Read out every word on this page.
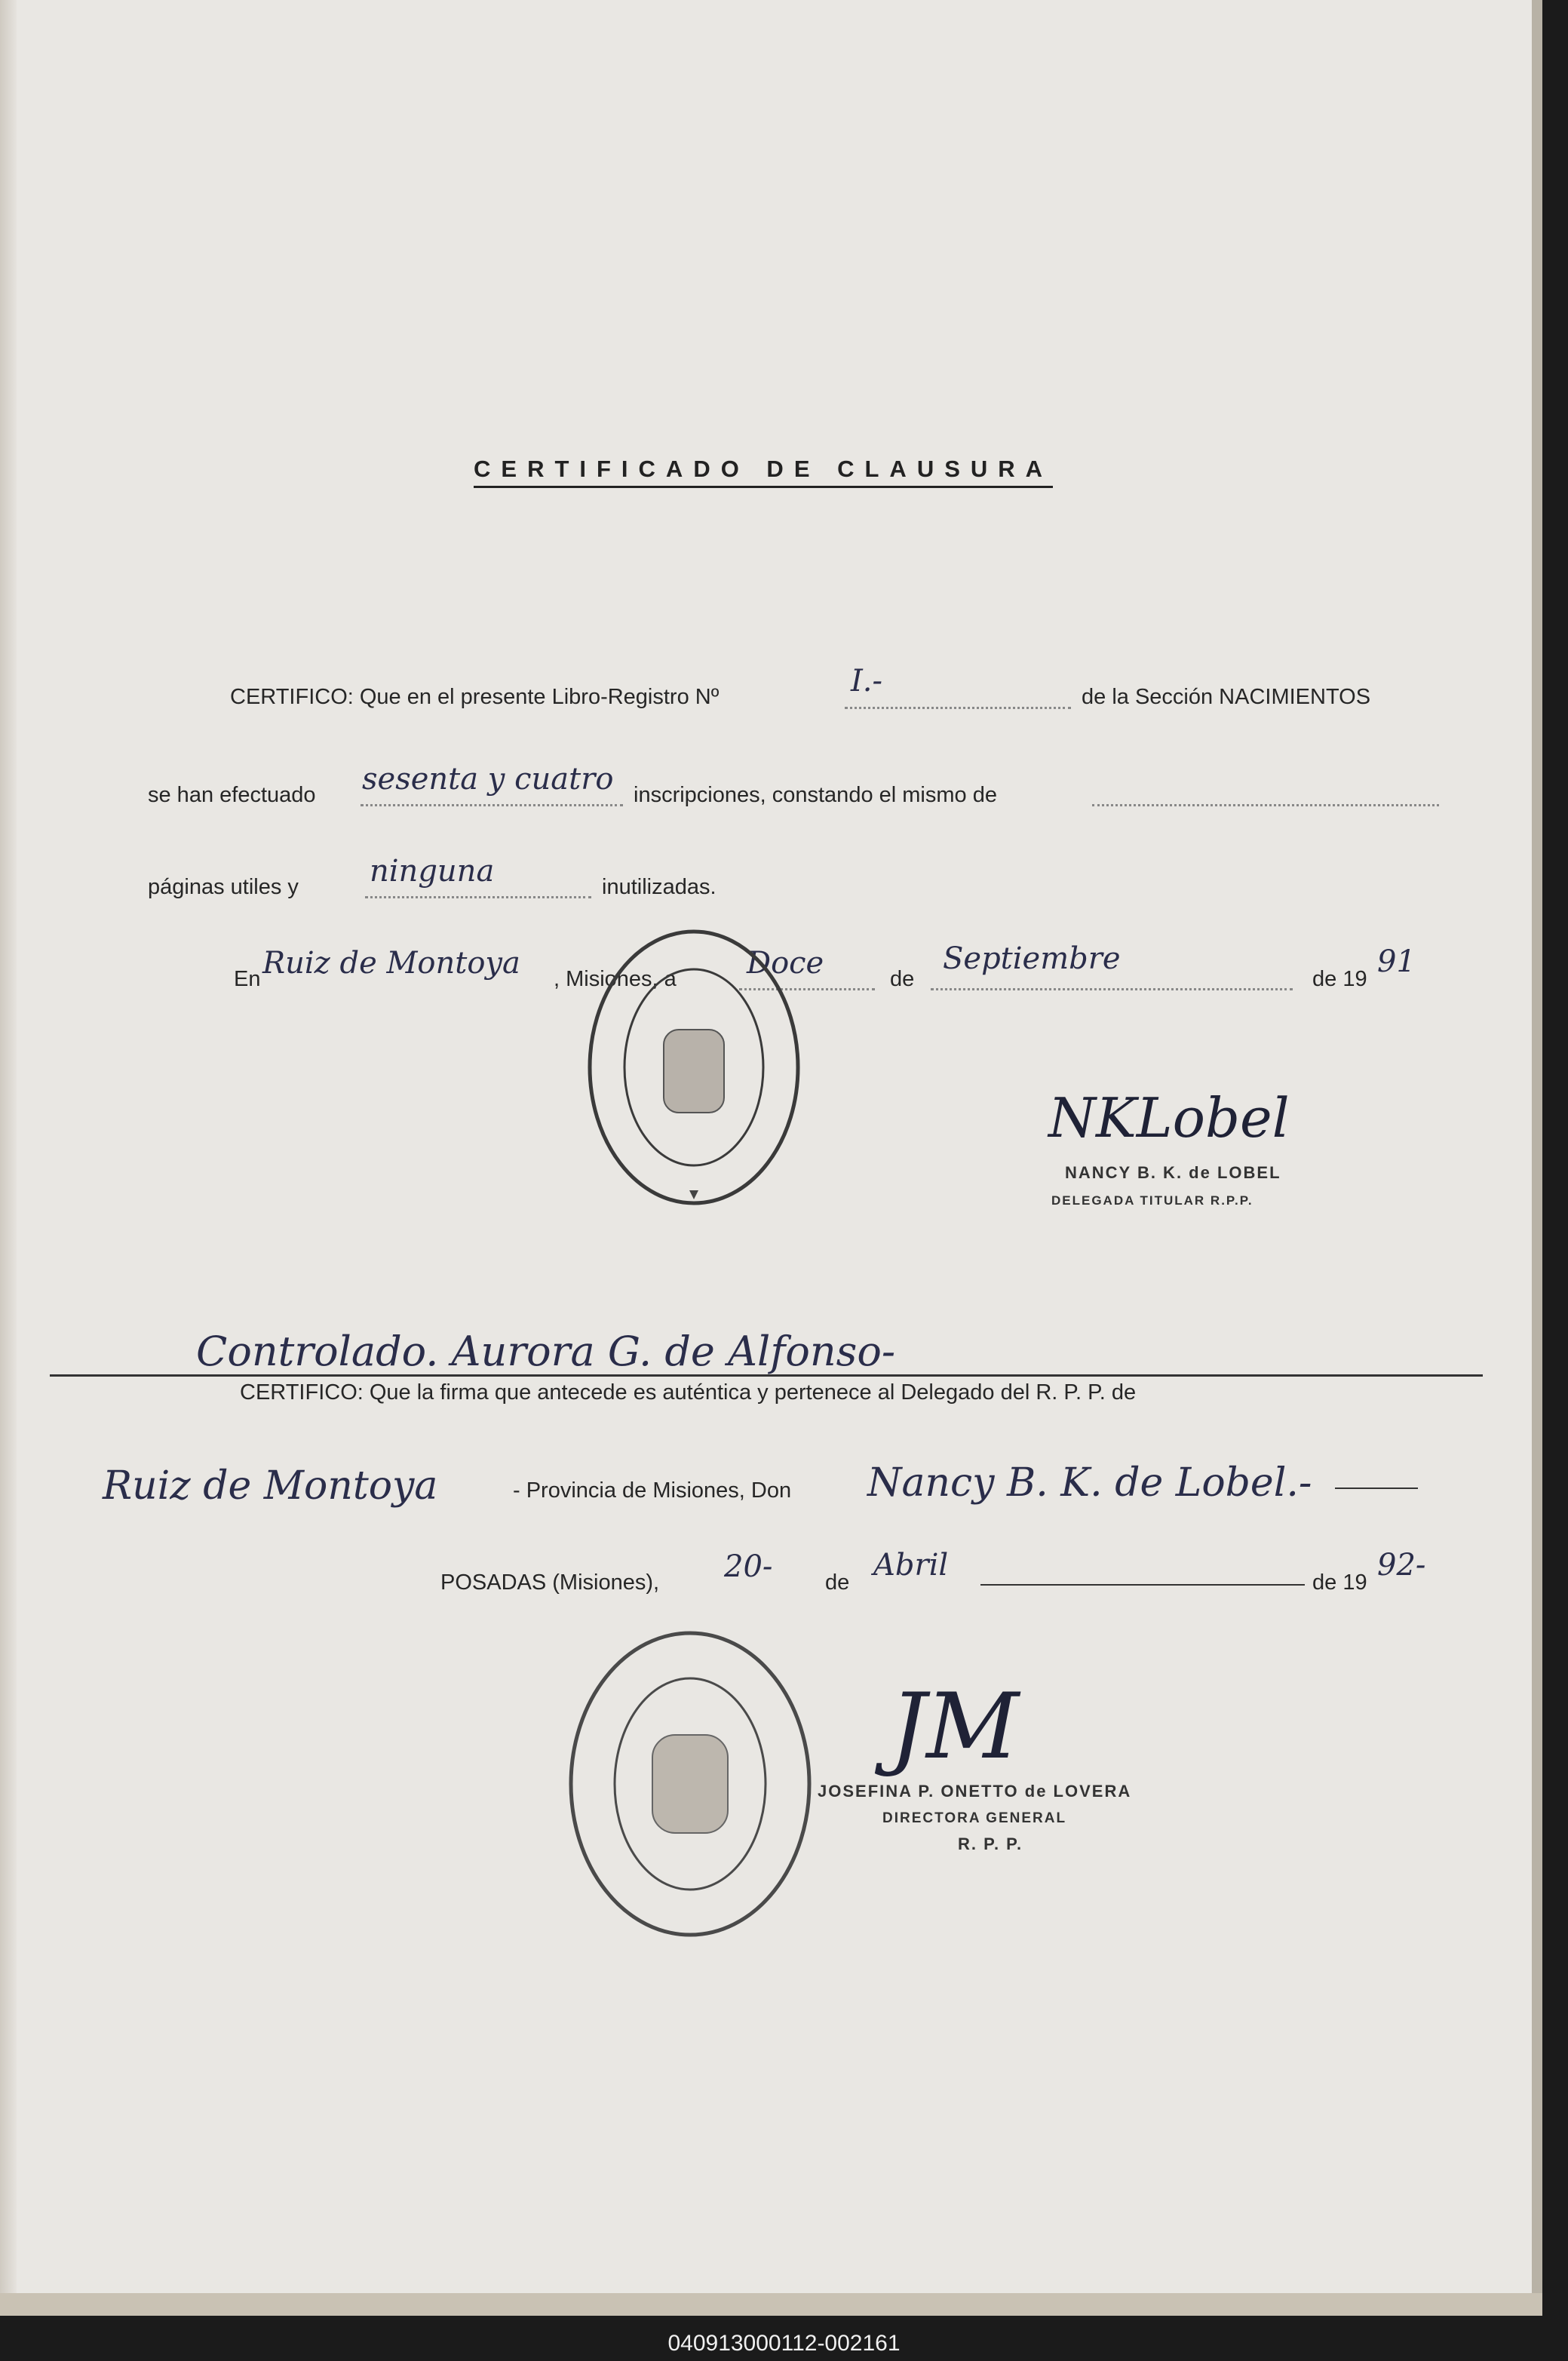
CERTIFICADO DE CLAUSURA
CERTIFICO: Que en el presente Libro-Registro Nº	I.-	de la Sección NACIMIENTOS
se han efectuado sesenta y cuatro inscripciones, constando el mismo de
páginas utiles y ninguna	inutilizadas.
En Ruiz de Montoya , Misiones, a Doce	de
Septiembre
de 19 91
NKLobel
NANCY B. K. de LOBEL
DELEGADA TITULAR R.P.P.
Controlado. Aurora G. de Alfonso-
CERTIFICO: Que la firma que antecede es auténtica y pertenece al Delegado del R. P. P. de
Ruiz de Montoya	- Provincia de Misiones, Don Nancy B. K. de Lobel.-
POSADAS (Misiones), 20- de Abril	de 19 92-
JM
JOSEFINA P. ONETTO de LOVERA
DIRECTORA GENERAL
R. P. P.
040913000112-002161
